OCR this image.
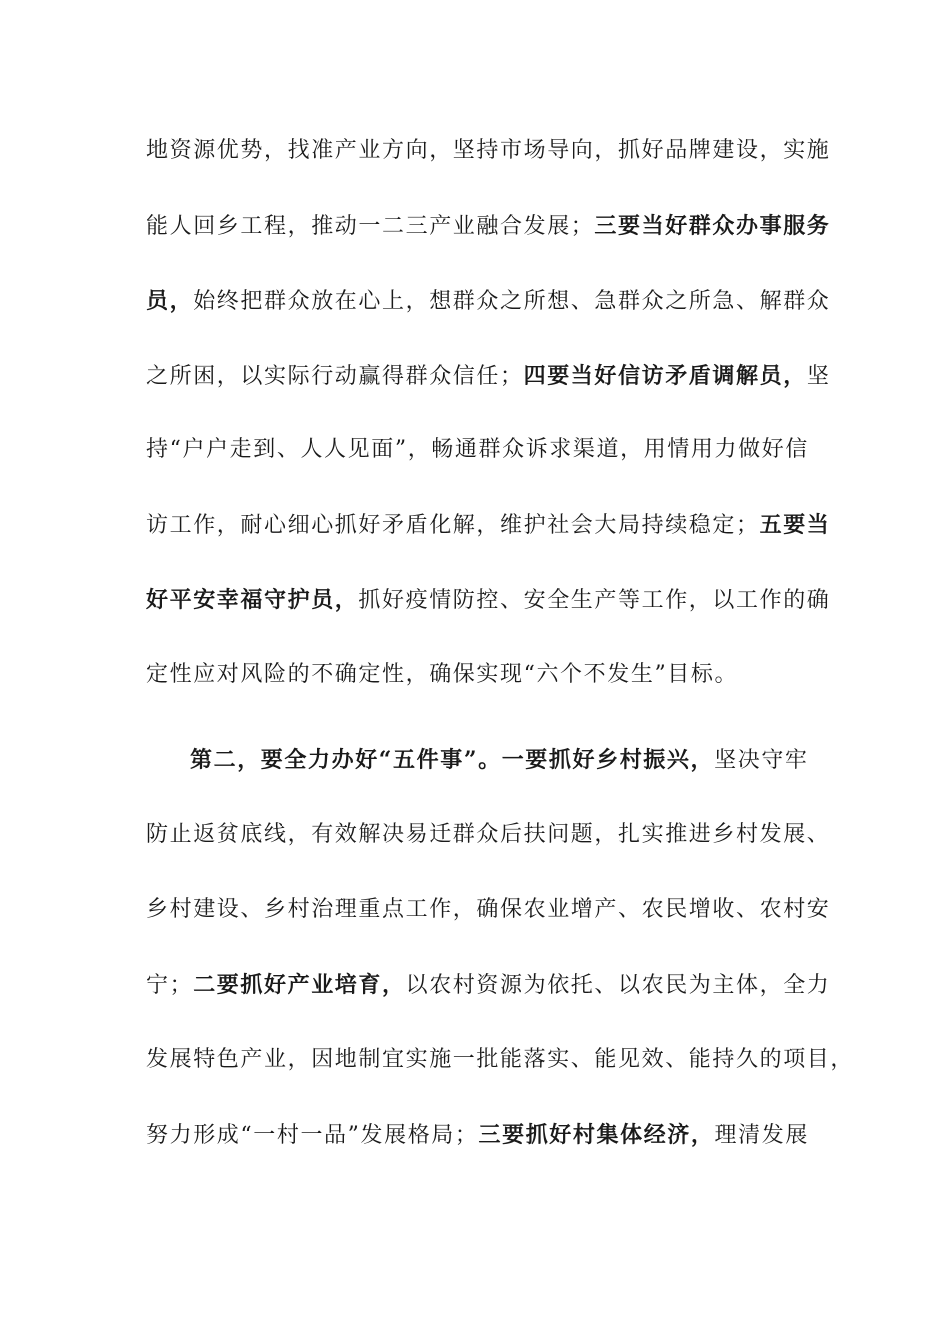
地资源优势，找准产业方向，坚持市场导向，抓好品牌建设，实施
能人回乡工程，推动一二三产业融合发展；三要当好群众办事服务
员，始终把群众放在心上，想群众之所想、急群众之所急、解群众
之所困，以实际行动赢得群众信任；四要当好信访矛盾调解员，坚
持“户户走到、人人见面”，畅通群众诉求渠道，用情用力做好信
访工作，耐心细心抓好矛盾化解，维护社会大局持续稳定；五要当
好平安幸福守护员，抓好疫情防控、安全生产等工作，以工作的确
定性应对风险的不确定性，确保实现“六个不发生”目标。
第二，要全力办好“五件事”。一要抓好乡村振兴，坚决守牢
防止返贫底线，有效解决易迁群众后扶问题，扎实推进乡村发展、
乡村建设、乡村治理重点工作，确保农业增产、农民增收、农村安
宁；二要抓好产业培育，以农村资源为依托、以农民为主体，全力
发展特色产业，因地制宜实施一批能落实、能见效、能持久的项目，
努力形成“一村一品”发展格局；三要抓好村集体经济，理清发展
